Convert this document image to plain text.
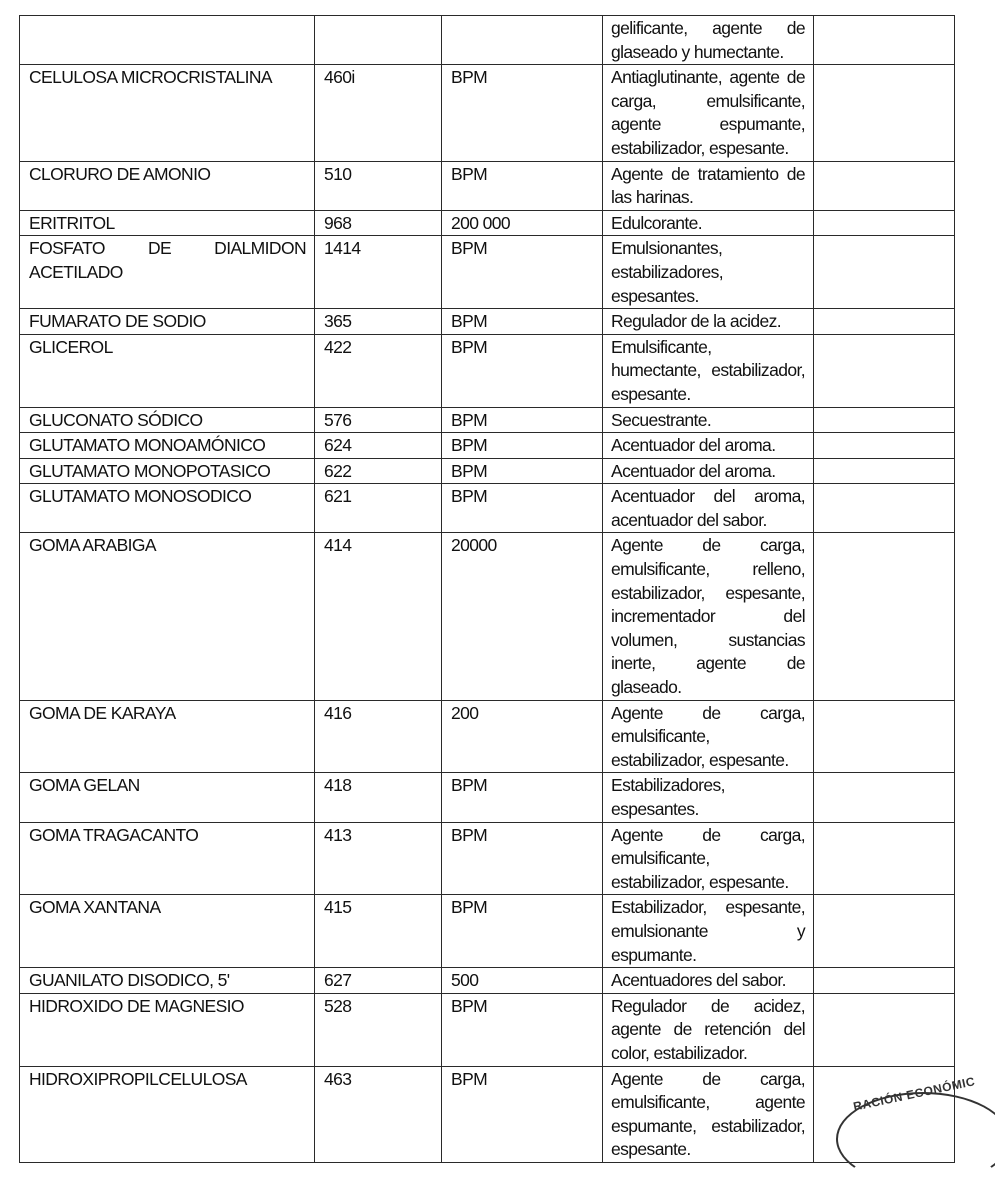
			gelificante, agente de glaseado y humectante.	
CELULOSA MICROCRISTALINA	460i	BPM	Antiaglutinante, agente de carga, emulsificante, agente espumante, estabilizador, espesante.	
CLORURO DE AMONIO	510	BPM	Agente de tratamiento de las harinas.	
ERITRITOL	968	200 000	Edulcorante.	
FOSFATO DE DIALMIDON ACETILADO	1414	BPM	Emulsionantes, estabilizadores, espesantes.	
FUMARATO DE SODIO	365	BPM	Regulador de la acidez.	
GLICEROL	422	BPM	Emulsificante, humectante, estabilizador, espesante.	
GLUCONATO SÓDICO	576	BPM	Secuestrante.	
GLUTAMATO MONOAMÓNICO	624	BPM	Acentuador del aroma.	
GLUTAMATO MONOPOTASICO	622	BPM	Acentuador del aroma.	
GLUTAMATO MONOSODICO	621	BPM	Acentuador del aroma, acentuador del sabor.	
GOMA ARABIGA	414	20000	Agente de carga, emulsificante, relleno, estabilizador, espesante, incrementador del volumen, sustancias inerte, agente de glaseado.	
GOMA DE KARAYA	416	200	Agente de carga, emulsificante, estabilizador, espesante.	
GOMA GELAN	418	BPM	Estabilizadores, espesantes.	
GOMA TRAGACANTO	413	BPM	Agente de carga, emulsificante, estabilizador, espesante.	
GOMA XANTANA	415	BPM	Estabilizador, espesante, emulsionante y espumante.	
GUANILATO DISODICO, 5'	627	500	Acentuadores del sabor.	
HIDROXIDO DE MAGNESIO	528	BPM	Regulador de acidez, agente de retención del color, estabilizador.	
HIDROXIPROPILCELULOSA	463	BPM	Agente de carga, emulsificante, agente espumante, estabilizador, espesante.	
RACIÓN ECONÓMIC
